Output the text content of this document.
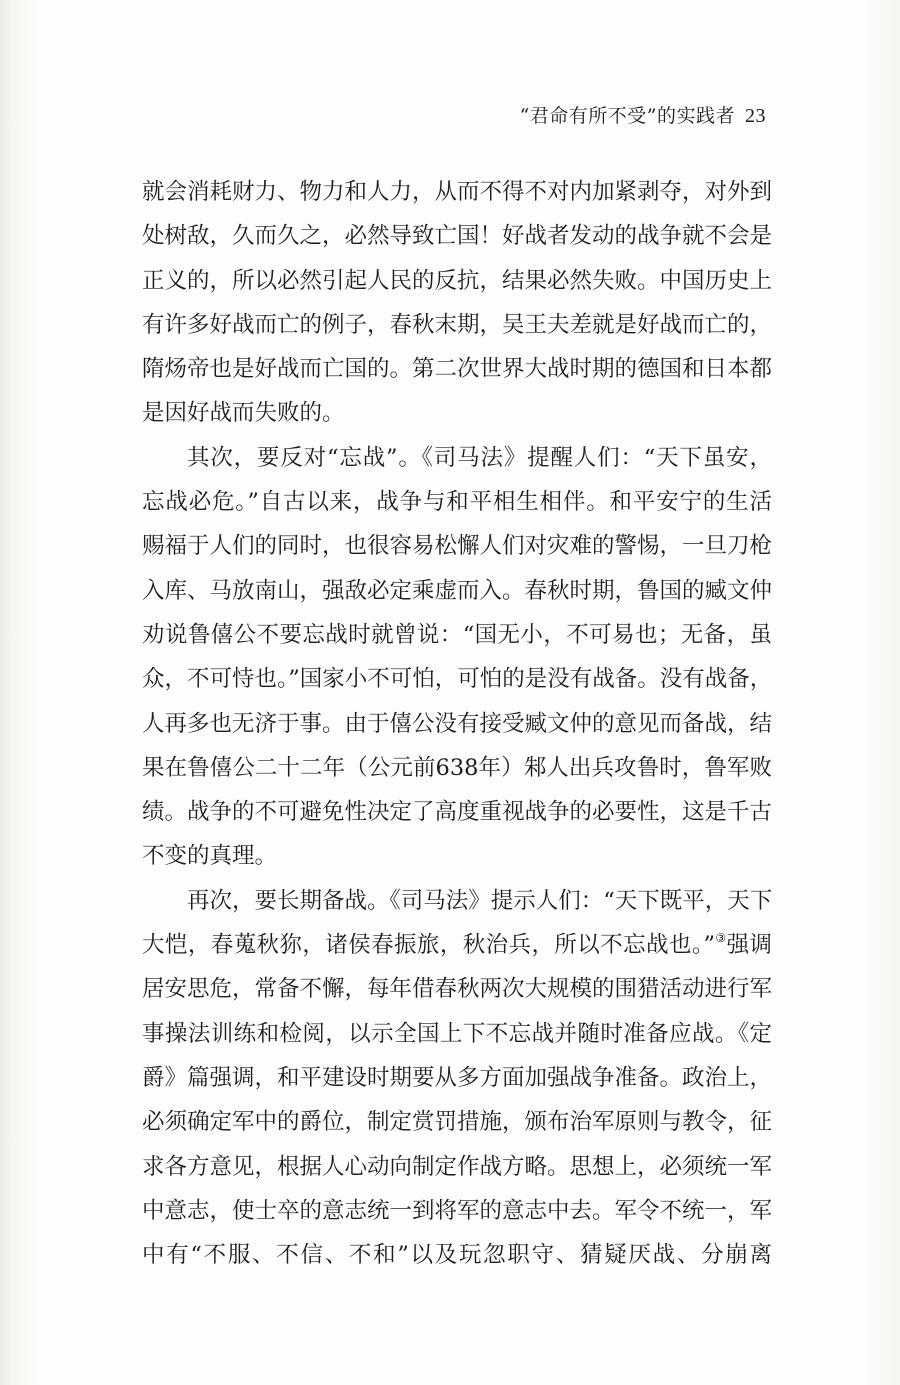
“君命有所不受”的实践者 23
就会消耗财力、物力和人力，从而不得不对内加紧剥夺，对外到
处树敌，久而久之，必然导致亡国！好战者发动的战争就不会是
正义的，所以必然引起人民的反抗，结果必然失败。中国历史上
有许多好战而亡的例子，春秋末期，吴王夫差就是好战而亡的，
隋炀帝也是好战而亡国的。第二次世界大战时期的德国和日本都
是因好战而失败的。
其次，要反对“忘战”。《司马法》提醒人们：“天下虽安，
忘战必危。”自古以来，战争与和平相生相伴。和平安宁的生活
赐福于人们的同时，也很容易松懈人们对灾难的警惕，一旦刀枪
入库、马放南山，强敌必定乘虚而入。春秋时期，鲁国的臧文仲
劝说鲁僖公不要忘战时就曾说：“国无小，不可易也；无备，虽
众，不可恃也。”国家小不可怕，可怕的是没有战备。没有战备，
人再多也无济于事。由于僖公没有接受臧文仲的意见而备战，结
果在鲁僖公二十二年（公元前638年）邾人出兵攻鲁时，鲁军败
绩。战争的不可避免性决定了高度重视战争的必要性，这是千古
不变的真理。
再次，要长期备战。《司马法》提示人们：“天下既平，天下
大恺，春蒐秋狝，诸侯春振旅，秋治兵，所以不忘战也。”③强调
居安思危，常备不懈，每年借春秋两次大规模的围猎活动进行军
事操法训练和检阅，以示全国上下不忘战并随时准备应战。《定
爵》篇强调，和平建设时期要从多方面加强战争准备。政治上，
必须确定军中的爵位，制定赏罚措施，颁布治军原则与教令，征
求各方意见，根据人心动向制定作战方略。思想上，必须统一军
中意志，使士卒的意志统一到将军的意志中去。军令不统一，军
中有“不服、不信、不和”以及玩忽职守、猜疑厌战、分崩离
